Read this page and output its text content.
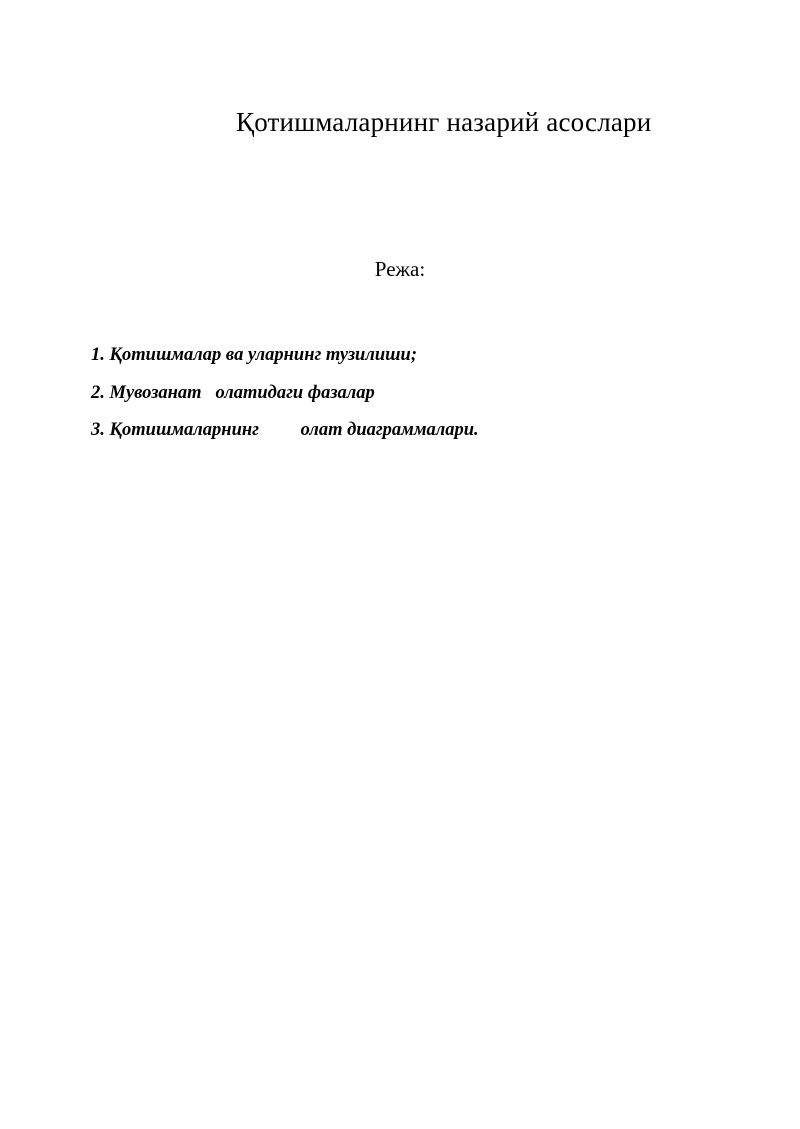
Қотишмаларнинг назарий асослари

Режа:

1. Қотишмалар ва уларнинг тузилиши;
2. Мувозанат   олатидаги фазалар
3. Қотишмаларнинг         олат диаграммалари.
